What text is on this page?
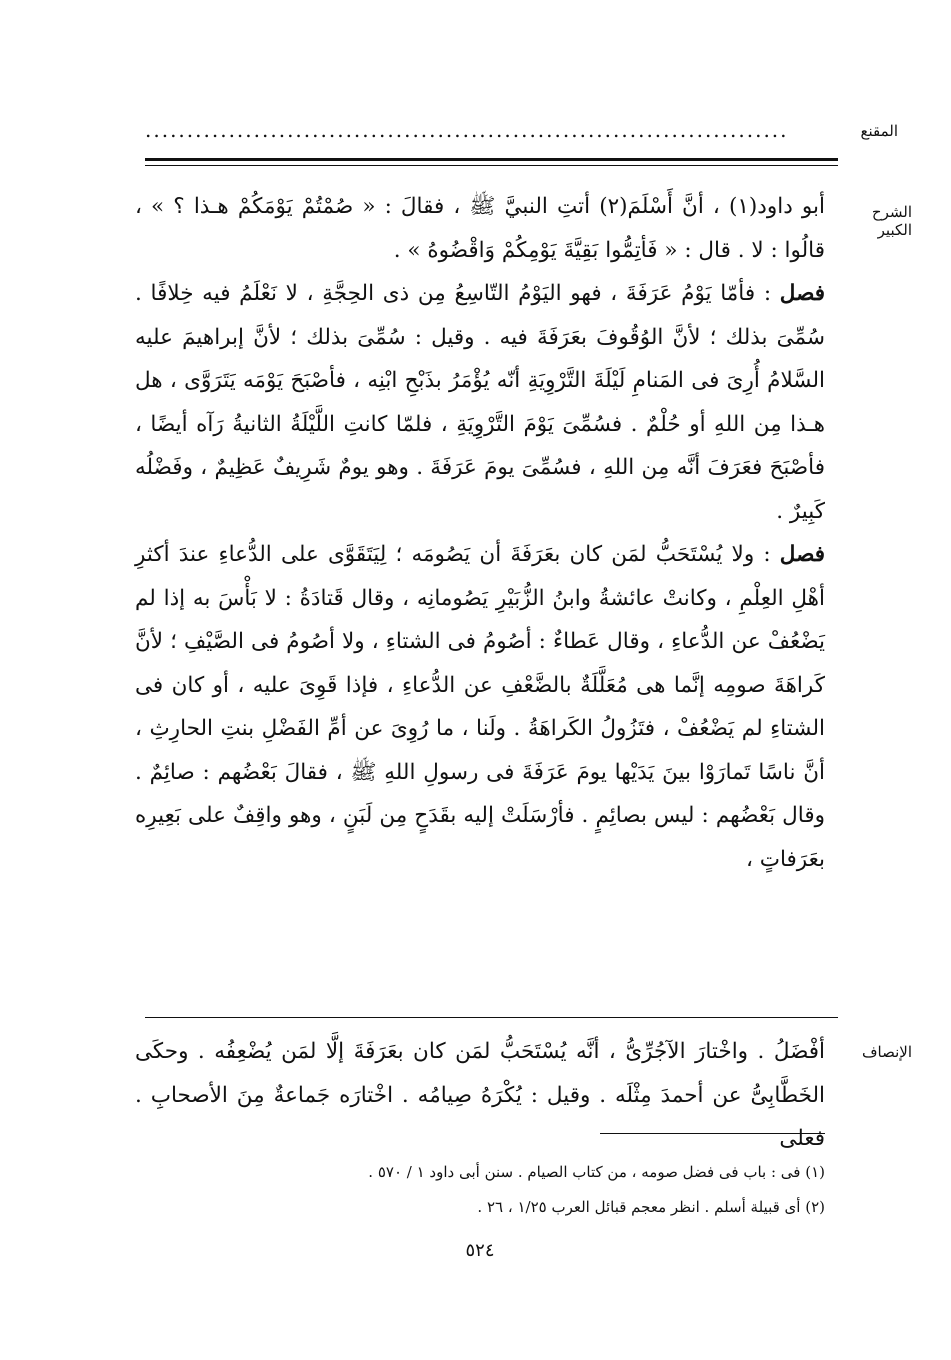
المقنع
.............................................................................
الشرح الكبير

أبو داود(١) ، أنَّ أَسْلَمَ(٢) أتتِ النبيَّ ﷺ ، فقالَ : « صُمْتُمْ يَوْمَكُمْ هـذا ؟ » ، قالُوا : لا . قال : « فَأتِمُّوا بَقِيَّةَ يَوْمِكُمْ وَاقْضُوهُ » .

فصل : فأمّا يَوْمُ عَرَفَةَ ، فهو اليَوْمُ التّاسِعُ مِن ذى الحِجَّةِ ، لا نَعْلَمُ فيه خِلافًا . سُمِّىَ بذلك ؛ لأنَّ الوُقُوفَ بعَرَفَةَ فيه . وقيل : سُمِّىَ بذلك ؛ لأنَّ إبراهيمَ عليه السَّلامُ أُرِىَ فى المَنامِ لَيْلَةَ التَّرْوِيَةِ أنّه يُؤْمَرُ بذَبْحِ ابْنِه ، فأصْبَحَ يَوْمَه يَتَرَوَّى ، هل هـذا مِن اللهِ أو حُلْمٌ . فسُمِّىَ يَوْمَ التَّرْوِيَةِ ، فلمّا كانتِ اللَّيْلَةُ الثانيةُ رَآه أيضًا ، فأصْبَحَ فعَرَفَ أنَّه مِن اللهِ ، فسُمِّىَ يومَ عَرَفَةَ . وهو يومٌ شَرِيفٌ عَظِيمٌ ، وفَضْلُه كَبِيرٌ .

فصل : ولا يُسْتَحَبُّ لمَن كان بعَرَفَةَ أن يَصُومَه ؛ لِيَتَقَوَّى على الدُّعاءِ عندَ أكثرِ أهْلِ العِلْمِ ، وكانتْ عائشةُ وابنُ الزُّبَيْرِ يَصُومانِه ، وقال قَتادَةُ : لا بَأْسَ به إذا لم يَضْعُفْ عن الدُّعاءِ ، وقال عَطاءٌ : أصُومُ فى الشتاءِ ، ولا أصُومُ فى الصَّيْفِ ؛ لأنَّ كَراهَةَ صومِه إنَّما هى مُعَلَّلَةٌ بالضَّعْفِ عن الدُّعاءِ ، فإذا قَوِىَ عليه ، أو كان فى الشتاءِ لم يَضْعُفْ ، فتَزُولُ الكَراهَةُ . ولَنا ، ما رُوِىَ عن أمِّ الفَضْلِ بنتِ الحارِثِ ، أنَّ ناسًا تَمارَوْا بينَ يَدَيْها يومَ عَرَفَةَ فى رسولِ اللهِ ﷺ ، فقالَ بَعْضُهم : صائِمٌ . وقال بَعْضُهم : ليس بصائِمٍ . فأرْسَلَتْ إليه بقَدَحٍ مِن لَبَنٍ ، وهو واقِفٌ على بَعِيرِه بعَرَفاتٍ ،

الإنصاف

أفْضَلُ . واخْتارَ الآجُرِّىُّ ، أنَّه يُسْتَحَبُّ لمَن كان بعَرَفَةَ إلَّا لمَن يُضْعِفُه . وحكَى الخَطَّابِىُّ عن أحمدَ مِثْلَه . وقيل : يُكْرَهُ صِيامُه . اخْتارَه جَماعةٌ مِنَ الأصحابِ . فعلى

(١) فى : باب فى فضل صومه ، من كتاب الصيام . سنن أبى داود ١ / ٥٧٠ .
(٢) أى قبيلة أسلم . انظر معجم قبائل العرب ١/٢٥ ، ٢٦ .
٥٢٤
